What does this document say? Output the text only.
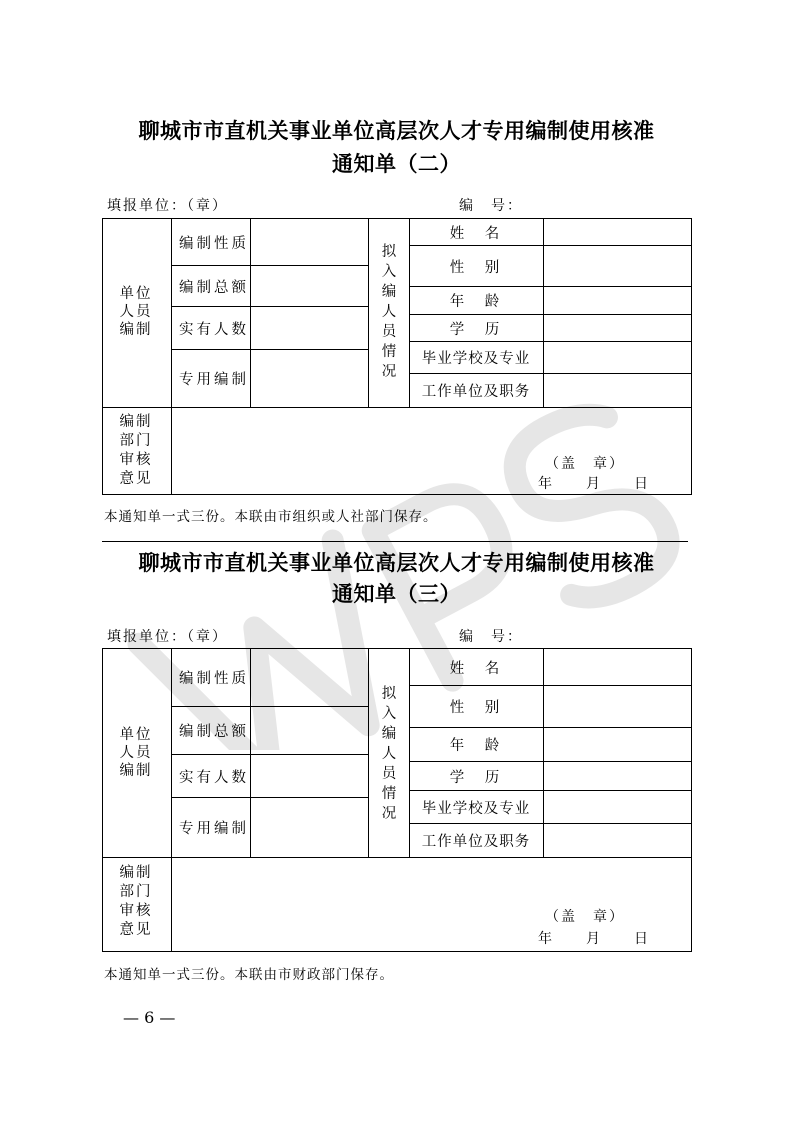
聊城市市直机关事业单位高层次人才专用编制使用核准
通知单（二）
填报单位：（章）	编　号：
单位人员编制
编制性质
编制总额
实有人数
专用编制
拟入编人员情况
姓　名
性　别
年　龄
学　历
毕业学校及专业
工作单位及职务
编制部门审核意见
（盖　章）
年　　月　　日
本通知单一式三份。本联由市组织或人社部门保存。
聊城市市直机关事业单位高层次人才专用编制使用核准
通知单（三）
填报单位：（章）	编　号：
单位人员编制
编制性质
编制总额
实有人数
专用编制
拟入编人员情况
姓　名
性　别
年　龄
学　历
毕业学校及专业
工作单位及职务
编制部门审核意见
（盖　章）
年　　月　　日
本通知单一式三份。本联由市财政部门保存。
— 6 —
